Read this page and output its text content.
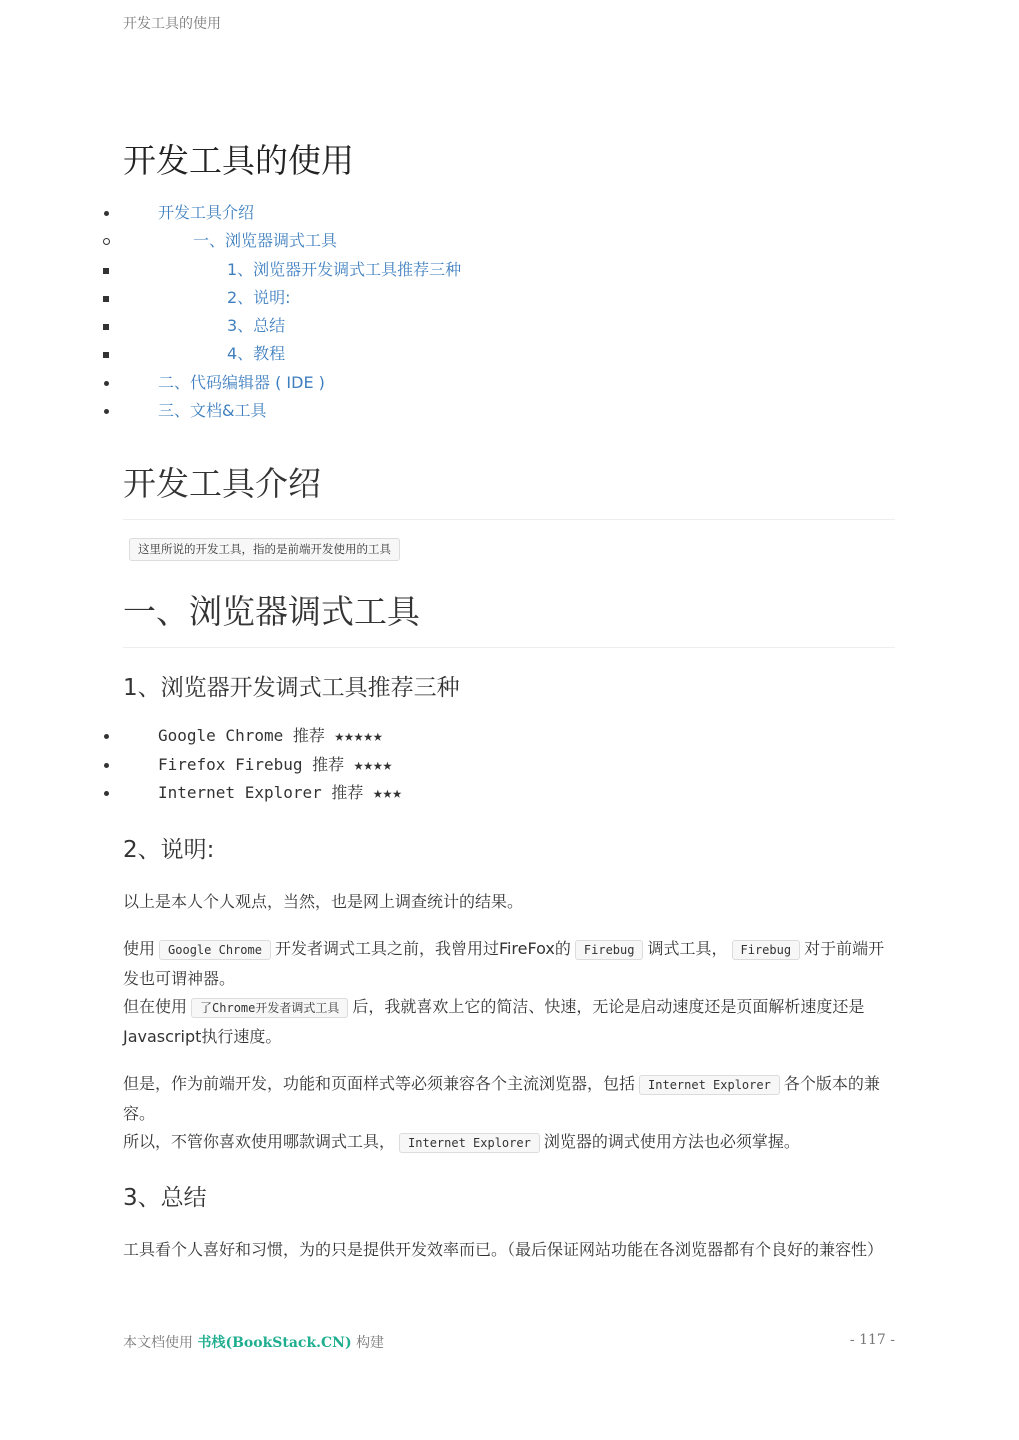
开发工具的使用
开发工具的使用
开发工具介绍
一、浏览器调式工具
1、浏览器开发调式工具推荐三种
2、说明:
3、总结
4、教程
二、代码编辑器 ( IDE )
三、文档&工具
开发工具介绍
这里所说的开发工具，指的是前端开发使用的工具
一、浏览器调式工具
1、浏览器开发调式工具推荐三种
Google Chrome 推荐 ★★★★★
Firefox Firebug 推荐 ★★★★
Internet Explorer 推荐 ★★★
2、说明:

以上是本人个人观点，当然，也是网上调查统计的结果。

使用 Google Chrome 开发者调式工具之前，我曾用过FireFox的 Firebug 调式工具， Firebug 对于前端开发也可谓神器。
但在使用 了Chrome开发者调式工具 后，我就喜欢上它的简洁、快速，无论是启动速度还是页面解析速度还是Javascript执行速度。

但是，作为前端开发，功能和页面样式等必须兼容各个主流浏览器，包括 Internet Explorer 各个版本的兼容。
所以，不管你喜欢使用哪款调式工具， Internet Explorer 浏览器的调式使用方法也必须掌握。

3、总结

工具看个人喜好和习惯，为的只是提供开发效率而已。（最后保证网站功能在各浏览器都有个良好的兼容性）

本文档使用 书栈(BookStack.CN) 构建	- 117 -
